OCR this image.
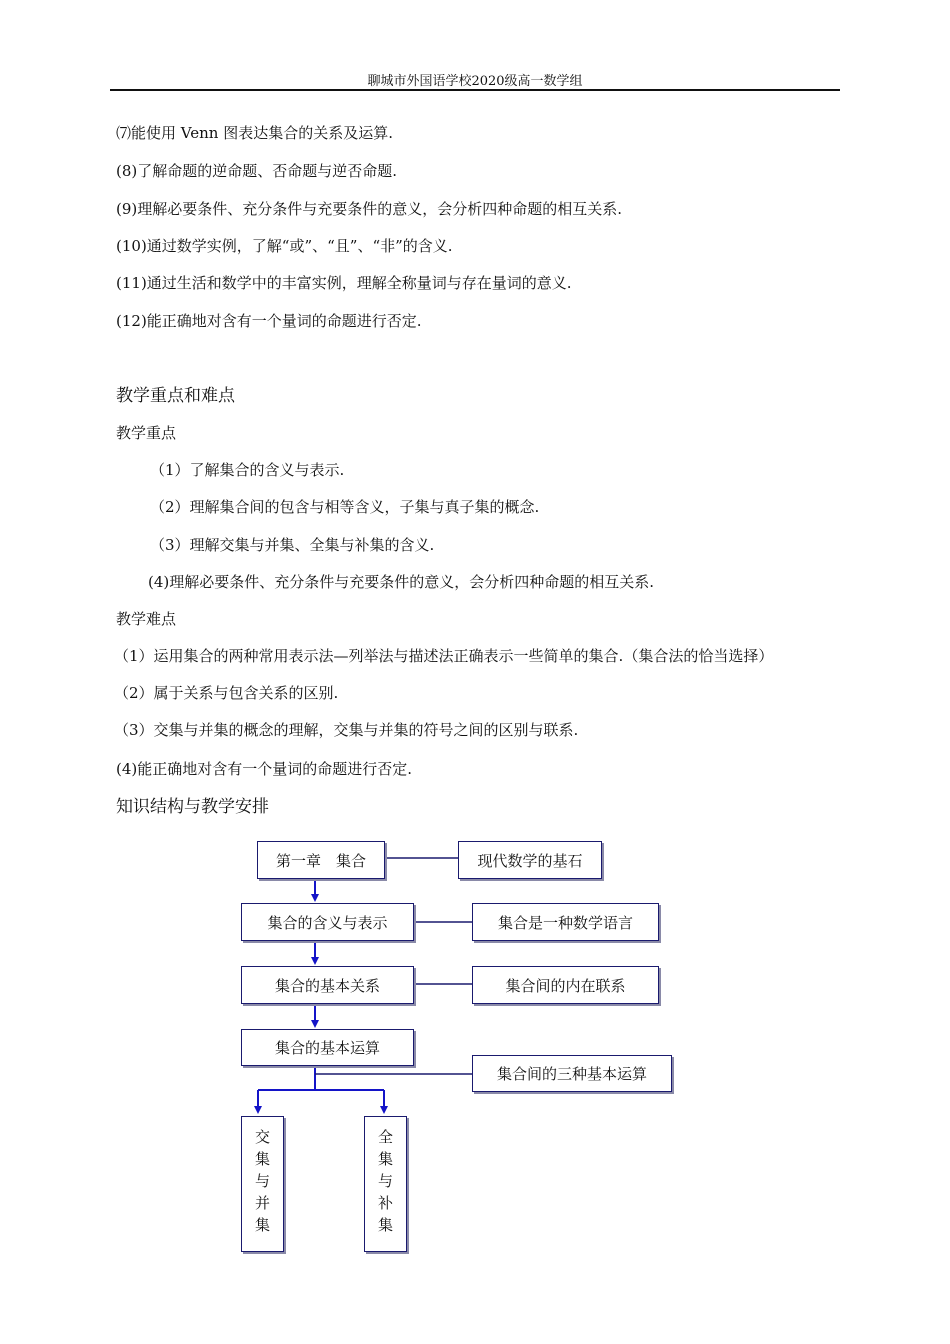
聊城市外国语学校2020级高一数学组
⑺能使用 Venn 图表达集合的关系及运算.
(8)了解命题的逆命题、否命题与逆否命题.
(9)理解必要条件、充分条件与充要条件的意义，会分析四种命题的相互关系.
(10)通过数学实例，了解“或”、“且”、“非”的含义.
(11)通过生活和数学中的丰富实例，理解全称量词与存在量词的意义.
(12)能正确地对含有一个量词的命题进行否定.
教学重点和难点
教学重点
（1）了解集合的含义与表示.
（2）理解集合间的包含与相等含义，子集与真子集的概念.
（3）理解交集与并集、全集与补集的含义.
(4)理解必要条件、充分条件与充要条件的意义，会分析四种命题的相互关系.
教学难点
（1）运用集合的两种常用表示法—列举法与描述法正确表示一些简单的集合.（集合法的恰当选择）
（2）属于关系与包含关系的区别.
（3）交集与并集的概念的理解，交集与并集的符号之间的区别与联系.
(4)能正确地对含有一个量词的命题进行否定.
知识结构与教学安排
第一章　集合	现代数学的基石
集合的含义与表示	集合是一种数学语言
集合的基本关系	集合间的内在联系
集合的基本运算
集合间的三种基本运算
交集与并集	全集与补集
